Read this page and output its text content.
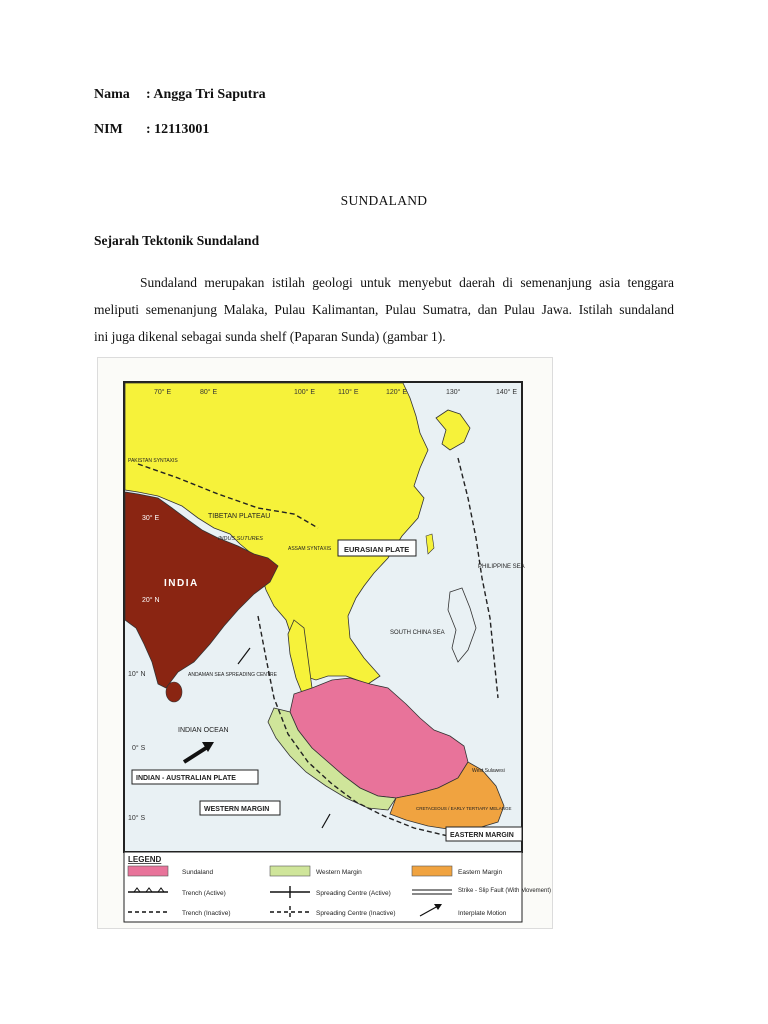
Nama : Angga Tri Saputra
NIM : 12113001
SUNDALAND
Sejarah Tektonik Sundaland
Sundaland merupakan istilah geologi untuk menyebut daerah di semenanjung asia tenggara
meliputi semenanjung Malaka, Pulau Kalimantan, Pulau Sumatra, dan Pulau Jawa. Istilah sundaland
ini juga dikenal sebagai sunda shelf (Paparan Sunda) (gambar 1).
70° E	80° E	100° E	110° E	120° E	130°	140° E
30° E
20° N
10° N
0° S
10° S
PAKISTAN SYNTAXIS
TIBETAN PLATEAU
INDUS SUTURES
ASSAM SYNTAXIS EURASIAN PLATE
INDIA
PHILIPPINE SEA
SOUTH CHINA SEA
ANDAMAN SEA SPREADING CENTRE
INDIAN OCEAN
INDIAN - AUSTRALIAN PLATE
WESTERN MARGIN
EASTERN MARGIN
West Sulawesi
CRETACEOUS / EARLY TERTIARY MELANGE
LEGEND
Sundaland	Western Margin	Eastern Margin
Trench (Active)	Spreading Centre (Active)	Strike - Slip Fault (With Movement)
Trench (Inactive)	Spreading Centre (Inactive)	Interplate Motion
